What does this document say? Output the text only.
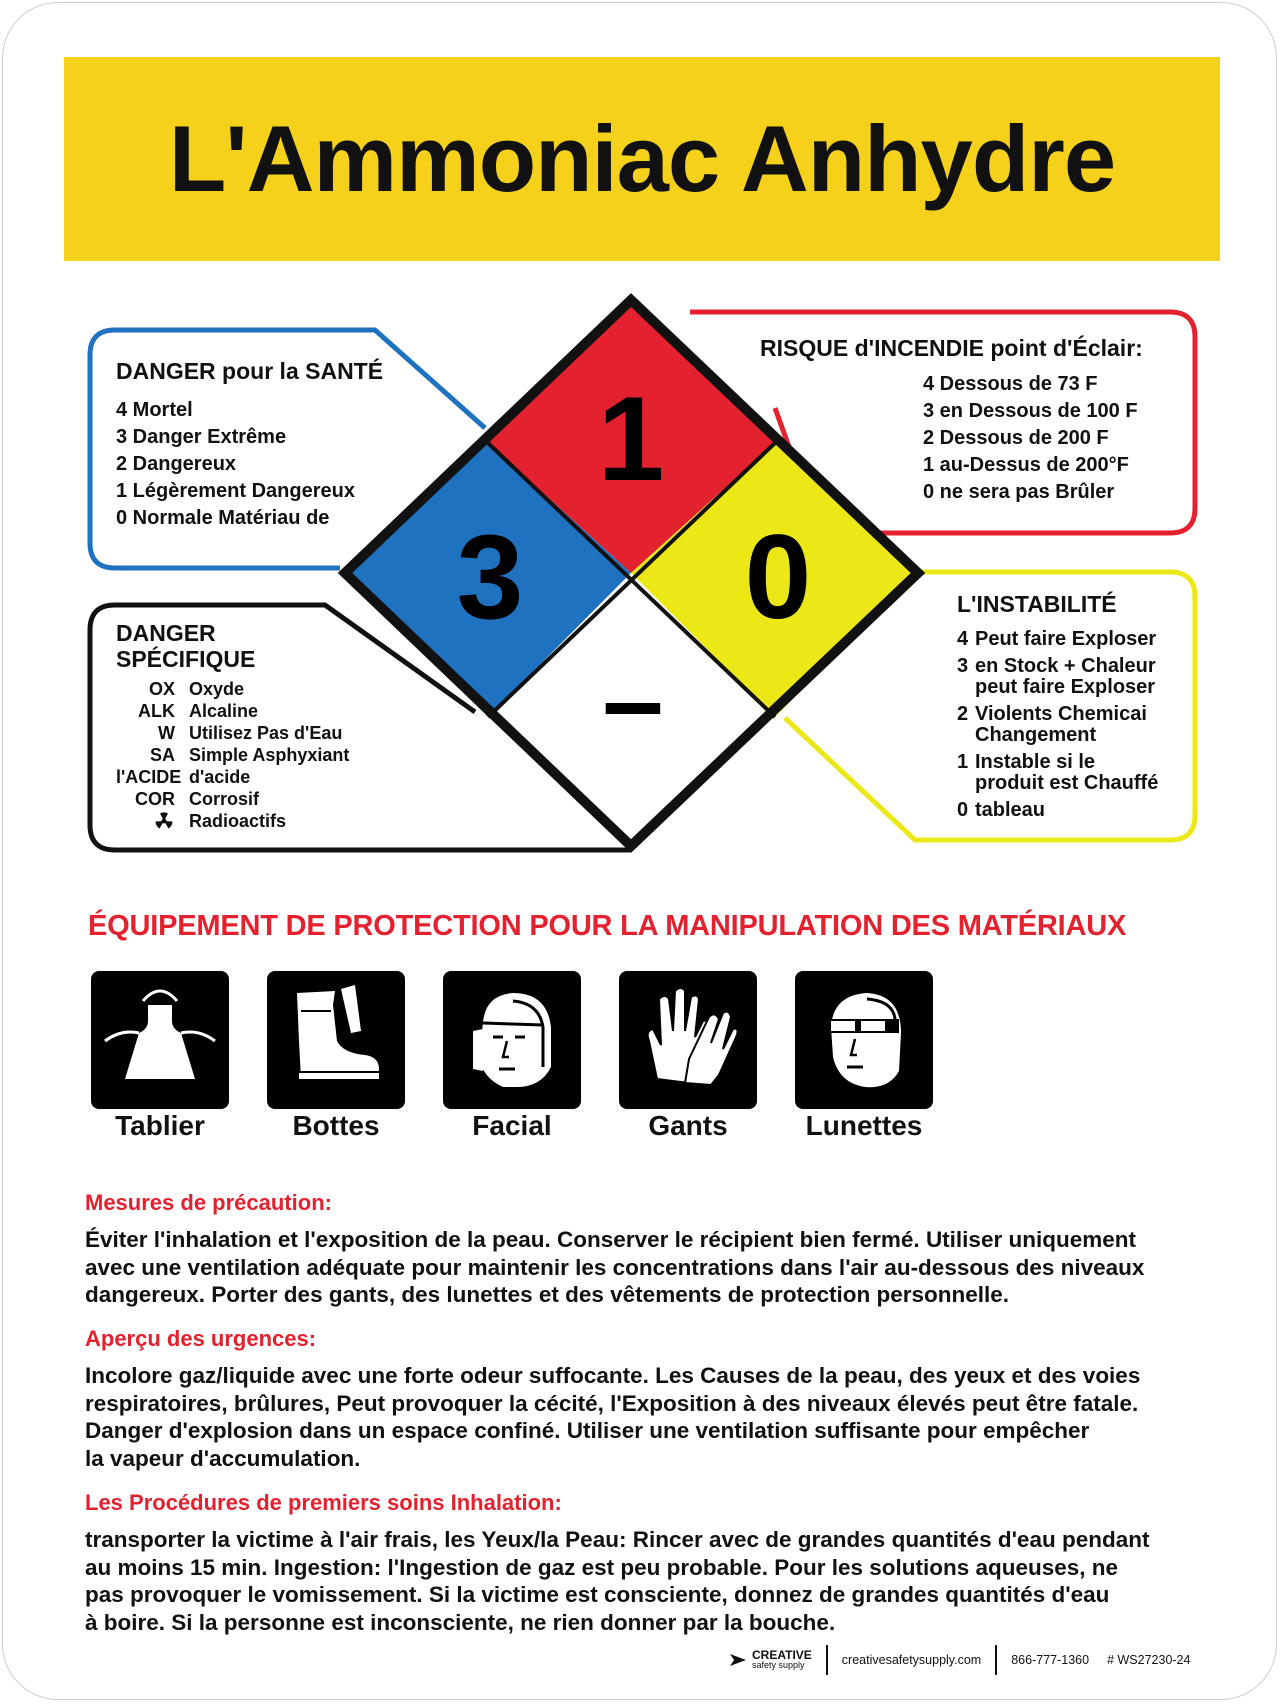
L'Ammoniac Anhydre
1
3 0
–
DANGER pour la SANTÉ
4 Mortel
3 Danger Extrême
2 Dangereux
1 Légèrement Dangereux
0 Normale Matériau de
RISQUE d'INCENDIE point d'Éclair:
4 Dessous de 73 F
3 en Dessous de 100 F
2 Dessous de 200 F
1 au-Dessus de 200°F
0 ne sera pas Brûler
L'INSTABILITÉ
4 Peut faire Exploser
3 en Stock + Chaleur
peut faire Exploser
2 Violents Chemicai
Changement
1 Instable si le
produit est Chauffé
0 tableau
DANGER
SPÉCIFIQUE
OX Oxyde
ALK Alcaline
W Utilisez Pas d'Eau
SA Simple Asphyxiant
l'ACIDE d'acide
COR Corrosif
Radioactifs
ÉQUIPEMENT DE PROTECTION POUR LA MANIPULATION DES MATÉRIAUX
Tablier	Bottes	Facial	Gants	Lunettes
Mesures de précaution:
Éviter l'inhalation et l'exposition de la peau. Conserver le récipient bien fermé. Utiliser uniquement
avec une ventilation adéquate pour maintenir les concentrations dans l'air au-dessous des niveaux
dangereux. Porter des gants, des lunettes et des vêtements de protection personnelle.
Aperçu des urgences:
Incolore gaz/liquide avec une forte odeur suffocante. Les Causes de la peau, des yeux et des voies
respiratoires, brûlures, Peut provoquer la cécité, l'Exposition à des niveaux élevés peut être fatale.
Danger d'explosion dans un espace confiné. Utiliser une ventilation suffisante pour empêcher
la vapeur d'accumulation.
Les Procédures de premiers soins Inhalation:
transporter la victime à l'air frais, les Yeux/la Peau: Rincer avec de grandes quantités d'eau pendant
au moins 15 min. Ingestion: l'Ingestion de gaz est peu probable. Pour les solutions aqueuses, ne
pas provoquer le vomissement. Si la victime est consciente, donnez de grandes quantités d'eau
à boire. Si la personne est inconsciente, ne rien donner par la bouche.
CREATIVE
safety supply	creativesafetysupply.com 866-777-1360 # WS27230-24
